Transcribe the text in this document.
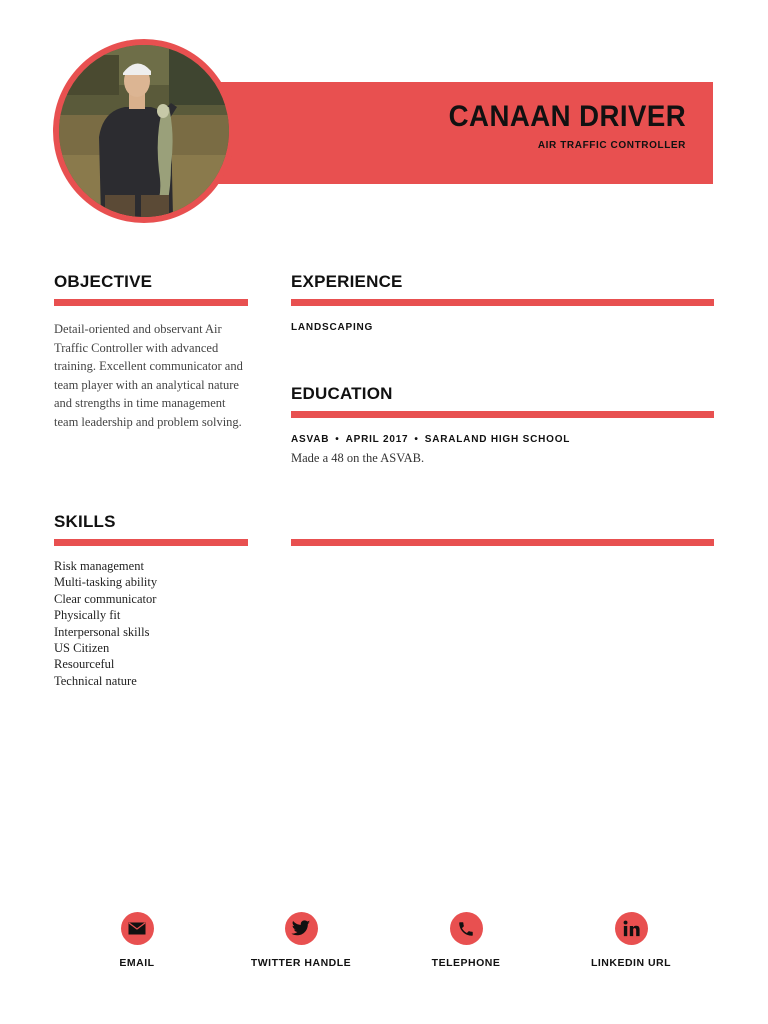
CANAAN DRIVER
AIR TRAFFIC CONTROLLER
OBJECTIVE
Detail-oriented and observant Air Traffic Controller with advanced training. Excellent communicator and team player with an analytical nature and strengths in time management team leadership and problem solving.
EXPERIENCE
LANDSCAPING
EDUCATION
ASVAB • APRIL 2017 • SARALAND HIGH SCHOOL
Made a 48 on the ASVAB.
SKILLS
Risk management
Multi-tasking ability
Clear communicator
Physically fit
Interpersonal skills
US Citizen
Resourceful
Technical nature
EMAIL	TWITTER HANDLE	TELEPHONE	LINKEDIN URL
